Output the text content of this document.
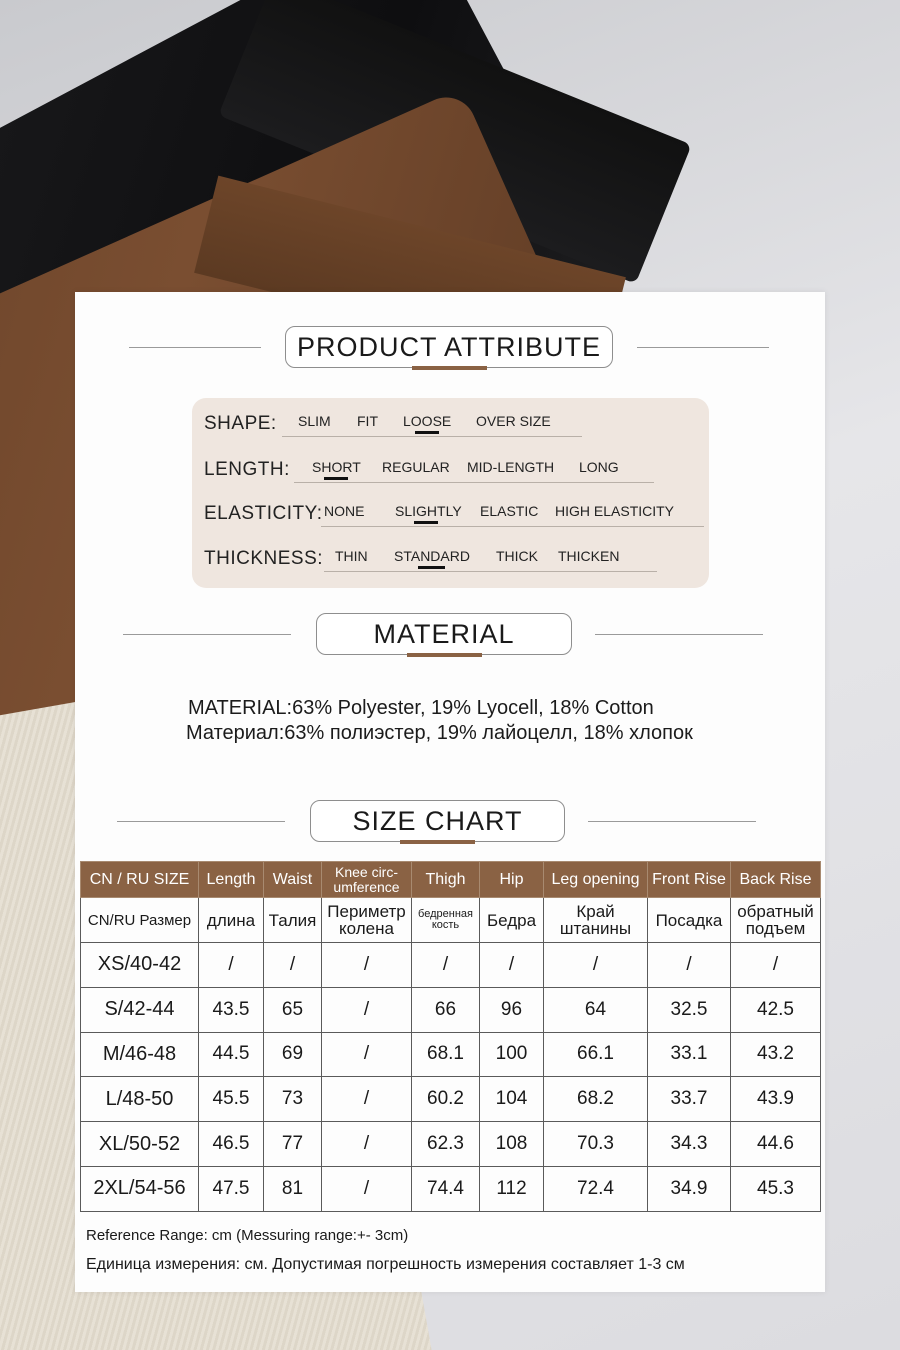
PRODUCT ATTRIBUTE
SHAPE: SLIM FIT LOOSE OVER SIZE
LENGTH: SHORT REGULAR MID-LENGTH LONG
ELASTICITY: NONE SLIGHTLY ELASTIC HIGH ELASTICITY
THICKNESS: THIN STANDARD THICK THICKEN
MATERIAL
MATERIAL:63% Polyester, 19% Lyocell, 18% Cotton
Материал:63% полиэстер, 19% лайоцелл, 18% хлопок
SIZE CHART
CN / RU SIZE	Length	Waist	Knee circ-umference	Thigh	Hip	Leg opening	Front Rise	Back Rise
CN/RU Размер	длина	Талия	Периметр колена	бедренная кость	Бедра	Край штанины	Посадка	обратный подъем
XS/40-42	/	/	/	/	/	/	/	/
S/42-44	43.5	65	/	66	96	64	32.5	42.5
M/46-48	44.5	69	/	68.1	100	66.1	33.1	43.2
L/48-50	45.5	73	/	60.2	104	68.2	33.7	43.9
XL/50-52	46.5	77	/	62.3	108	70.3	34.3	44.6
2XL/54-56	47.5	81	/	74.4	112	72.4	34.9	45.3
Reference Range: cm (Messuring range:+- 3cm)
Единица измерения: см. Допустимая погрешность измерения составляет 1-3 см
